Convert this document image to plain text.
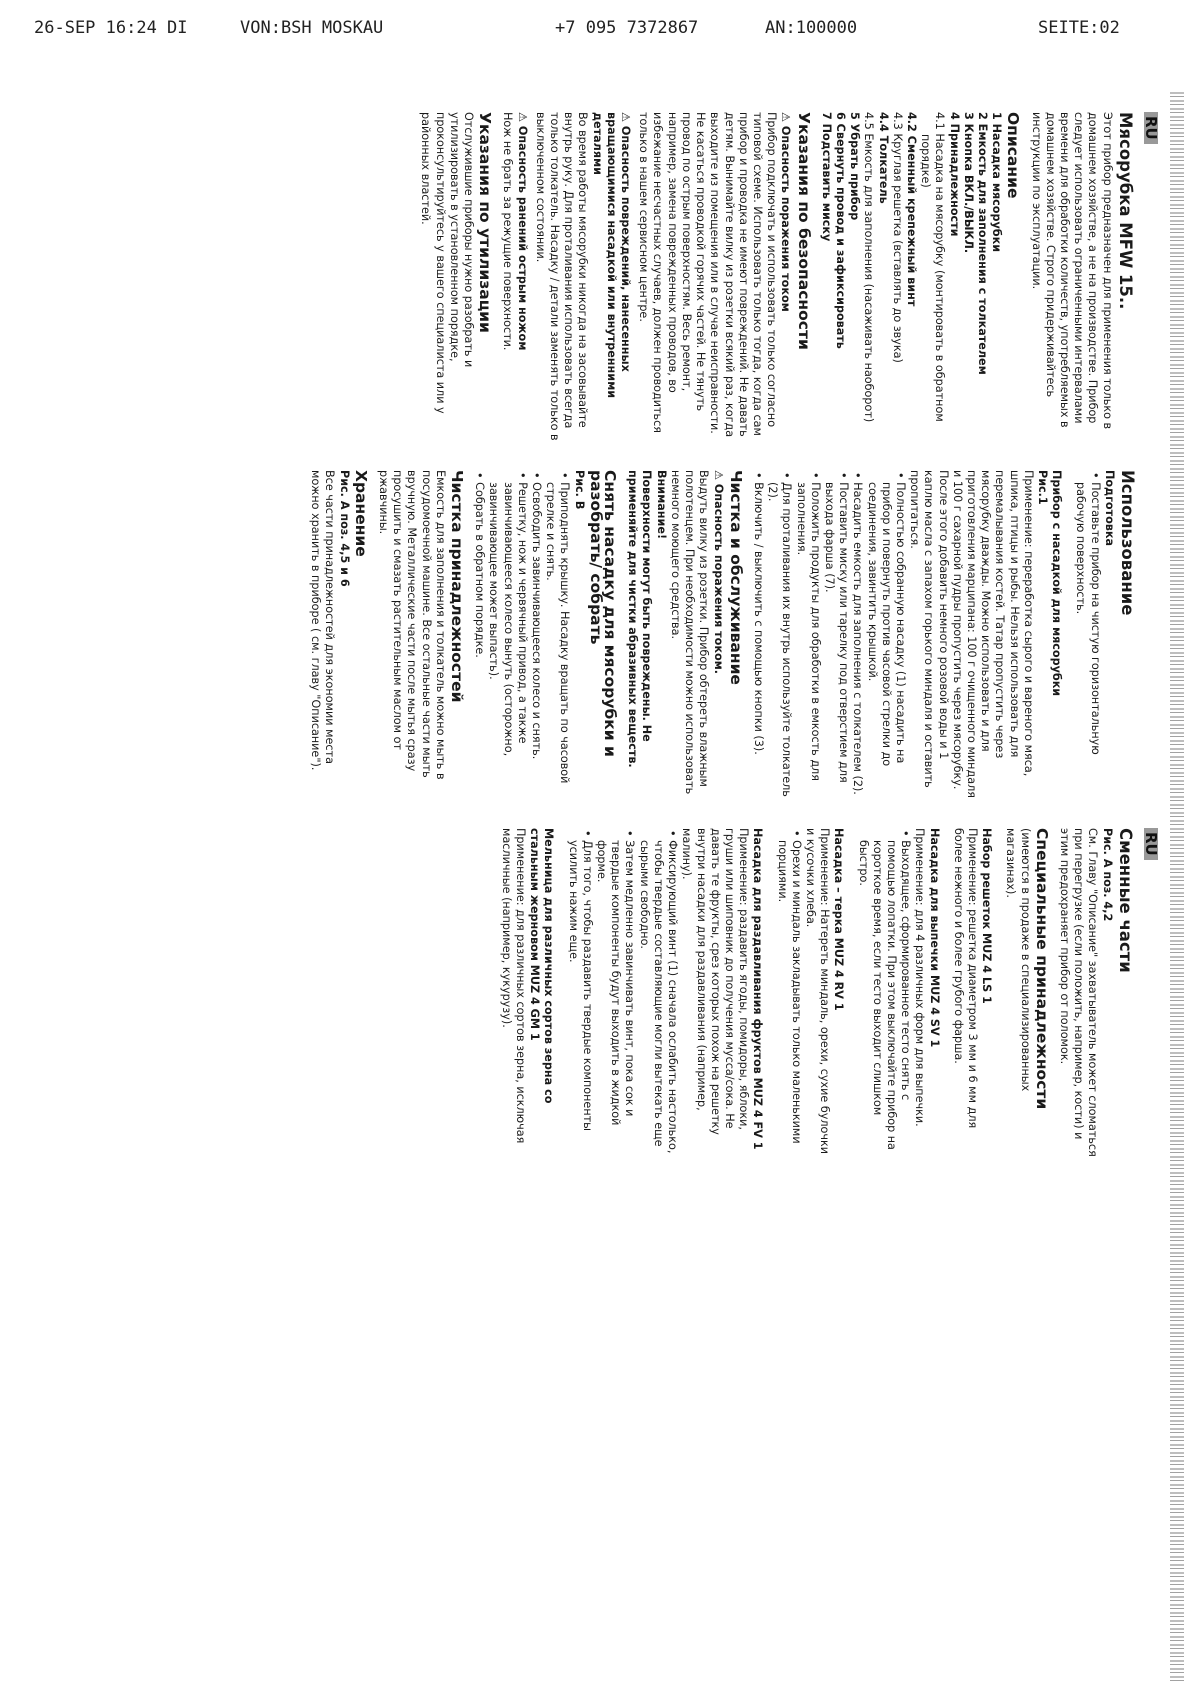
26-SEP 16:24 DI	VON:BSH MOSKAU	+7 095 7372867	AN:100000	SEITE:02
RU
Мясорубка MFW 15..

Этот прибор предназначен для применения только в домашнем хозяйстве, а не на производстве. Прибор следует использовать ограниченными интервалами времени для обработки количеств, употребляемых в домашнем хозяйстве. Строго придерживайтесь инструкции по эксплуатации.

Описание

1 Насадка мясорубки

2 Емкость для заполнения с толкателем

3 Кнопка ВКЛ./ВЫКЛ.

4 Принадлежности

4.1 Насадка на мясорубку (монтировать в обратном порядке)

4.2 Сменный крепежный винт

4.3 Круглая решетка (вставлять до звука)

4.4 Толкатель

4.5 Емкость для заполнения (насаживать наоборот)

5 Убрать прибор

6 Свернуть провод и зафиксировать

7 Подставить миску

Указания по безопасности
⚠ Опасность поражения током

Прибор подключать и использовать только согласно типовой схеме. Использовать только тогда, когда сам прибор и проводка не имеют повреждений. Не давать детям. Вынимайте вилку из розетки всякий раз, когда выходите из помещения или в случае неисправности. Не касаться проводкой горячих частей. Не тянуть провод по острым поверхностям. Весь ремонт, например, замена поврежденных проводов, во избежание несчастных случаев, должен проводиться только в нашем сервисном центре.

⚠ Опасность повреждений, нанесенных вращающимися насадкой или внутренними деталями

Во время работы мясорубки никогда на засовывайте внутрь руку. Для проталивания использовать всегда только толкатель. Насадку / детали заменять только в выключенном состоянии.

⚠ Опасность ранений острым ножом

Нож не брать за режущие поверхности.

Указания по утилизации

Отслужившие приборы нужно разобрать и утилизировать в установленном порядке, проконсультируйтесь у вашего специалиста или у районных властей.

Использование
Подготовка

• Поставьте прибор на чистую горизонтальную рабочую поверхность.

Прибор с насадкой для мясорубки
Рис.1

Применение: переработка сырого и вареного мяса, шпика, птицы и рыбы. Нельзя использовать для перемалывания костей. Татар пропустить через мясорубку дважды. Можно использовать и для приготовления марципана: 100 г очищенного миндаля и 100 г сахарной пудры пропустить через мясорубку. После этого добавить немного розовой воды и 1 каплю масла с запахом горького миндаля и оставить пропитаться.

• Полностью собранную насадку (1) насадить на прибор и повернуть против часовой стрелки до соединения, завинтить крышкой.

• Насадить емкость для заполнения с толкателем (2).

• Поставить миску или тарелку под отверстием для выхода фарша (7).

• Положить продукты для обработки в емкость для заполнения.

• Для проталивания их внутрь используйте толкатель (2).

• Включить / выключить с помощью кнопки (3).

Чистка и обслуживание
⚠ Опасность поражения током.

Выдуть вилку из розетки. Прибор обтереть влажным полотенцем. При необходимости можно использовать немного моющего средства.

Внимание!

Поверхности могут быть повреждены. Не применяйте для чистки абразивных веществ.

Снять насадку для мясорубки и разобрать/ собрать
Рис. B

• Приподнять крышку. Насадку вращать по часовой стрелке и снять.

• Освободить завинчивающееся колесо и снять.

• Решетку, нож и червячный привод, а также завинчивающееся колесо вынуть (осторожно, завинчивающее может выпасть).

• Собрать в обратном порядке.

Чистка принадлежностей

Емкость для заполнения и толкатель можно мыть в посудомоечной машине. Все остальные части мыть вручную. Металлические части после мытья сразу просушить и смазать растительным маслом от ржавчины.

Хранение
Рис. A поз. 4,5 и 6

Все части принадлежностей для экономии места можно хранить в приборе ( см. главу "Описание").

RU
Сменные части
Рис. A поз. 4,2

См. Главу "Описание" захватыватель может сломаться при перегрузке (если положить, например, кости) и этим предохраняет прибор от поломок.

Специальные принадлежности

(имеются в продаже в специализированных магазинах).

Набор решеток MUZ 4 LS 1

Применение: решетка диаметром 3 мм и 6 мм для более нежного и более грубого фарша.

Насадка для выпечки MUZ 4 SV 1

Применение: для 4 различных форм для выпечки.

• Выходящее, сформированное тесто снять с помощью лопатки. При этом выключайте прибор на короткое время, если тесто выходит слишком быстро.

Насадка – терка MUZ 4 RV 1

Применение: Натереть миндаль, орехи, сухие булочки и кусочки хлеба.

• Орехи и миндаль закладывать только маленькими порциями.

Насадка для раздавливания фруктов MUZ 4 FV 1

Применение: раздавить ягоды, помидоры, яблоки, груши или шиповник до получения мусса/сока. Не давать те фрукты, срез которых похож на решетку внутри насадки для раздавливания (например, малину).

• Фиксирующий винт (1) сначала ослабить настолько, чтобы твердые составляющие могли вытекать еще сырыми свободно.

• Затем медленно завинчивать винт, пока сок и твердые компоненты будут выходить в жидкой форме.

• Для того, чтобы раздавить твердые компоненты усилить нажим еще.

Мельница для различных сортов зерна со стальным жерновом MUZ 4 GM 1

Применение: для различных сортов зерна, исключая масличные (например, кукурузу).
